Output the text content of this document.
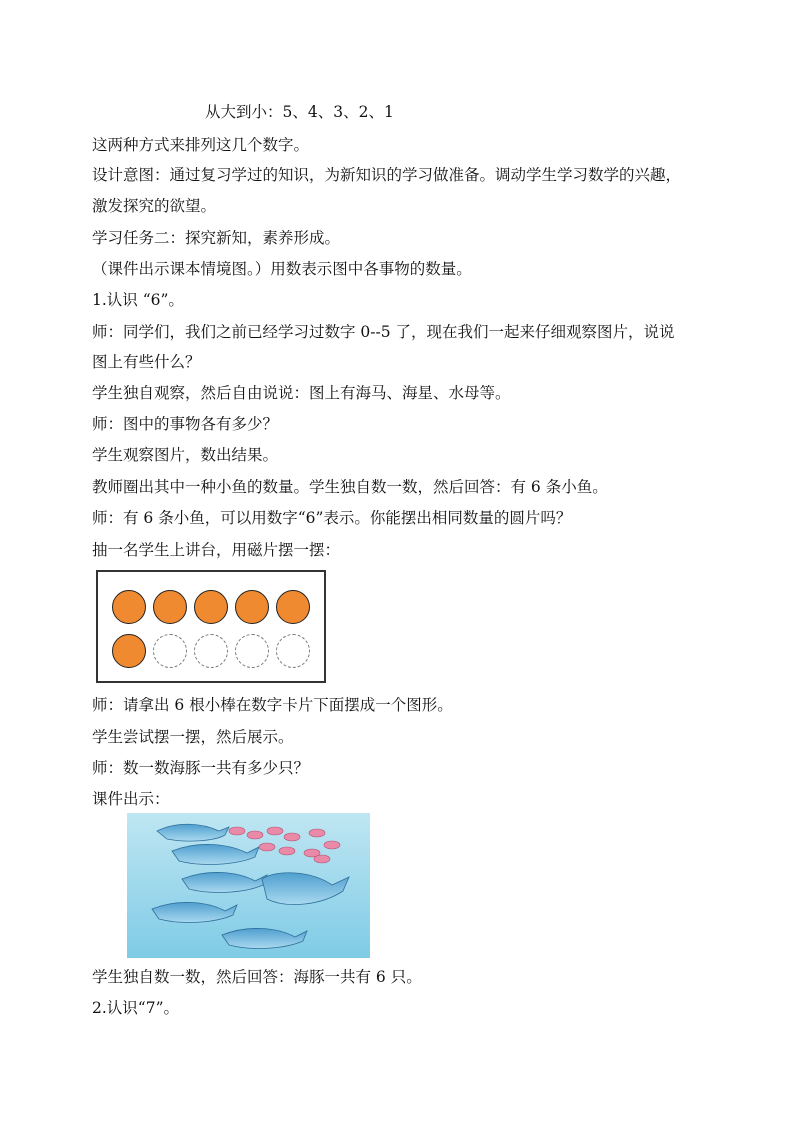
从大到小：5、4、3、2、1
这两种方式来排列这几个数字。
设计意图：通过复习学过的知识，为新知识的学习做准备。调动学生学习数学的兴趣，
激发探究的欲望。
学习任务二：探究新知，素养形成。
（课件出示课本情境图。）用数表示图中各事物的数量。
1.认识 “6”。
师：同学们，我们之前已经学习过数字 0--5 了，现在我们一起来仔细观察图片，说说
图上有些什么？
学生独自观察，然后自由说说：图上有海马、海星、水母等。
师：图中的事物各有多少？
学生观察图片，数出结果。
教师圈出其中一种小鱼的数量。学生独自数一数，然后回答：有 6 条小鱼。
师：有 6 条小鱼，可以用数字“6”表示。你能摆出相同数量的圆片吗？
抽一名学生上讲台，用磁片摆一摆：
师：请拿出 6 根小棒在数字卡片下面摆成一个图形。
学生尝试摆一摆，然后展示。
师：数一数海豚一共有多少只？
课件出示：
学生独自数一数，然后回答：海豚一共有 6 只。
2.认识“7”。
